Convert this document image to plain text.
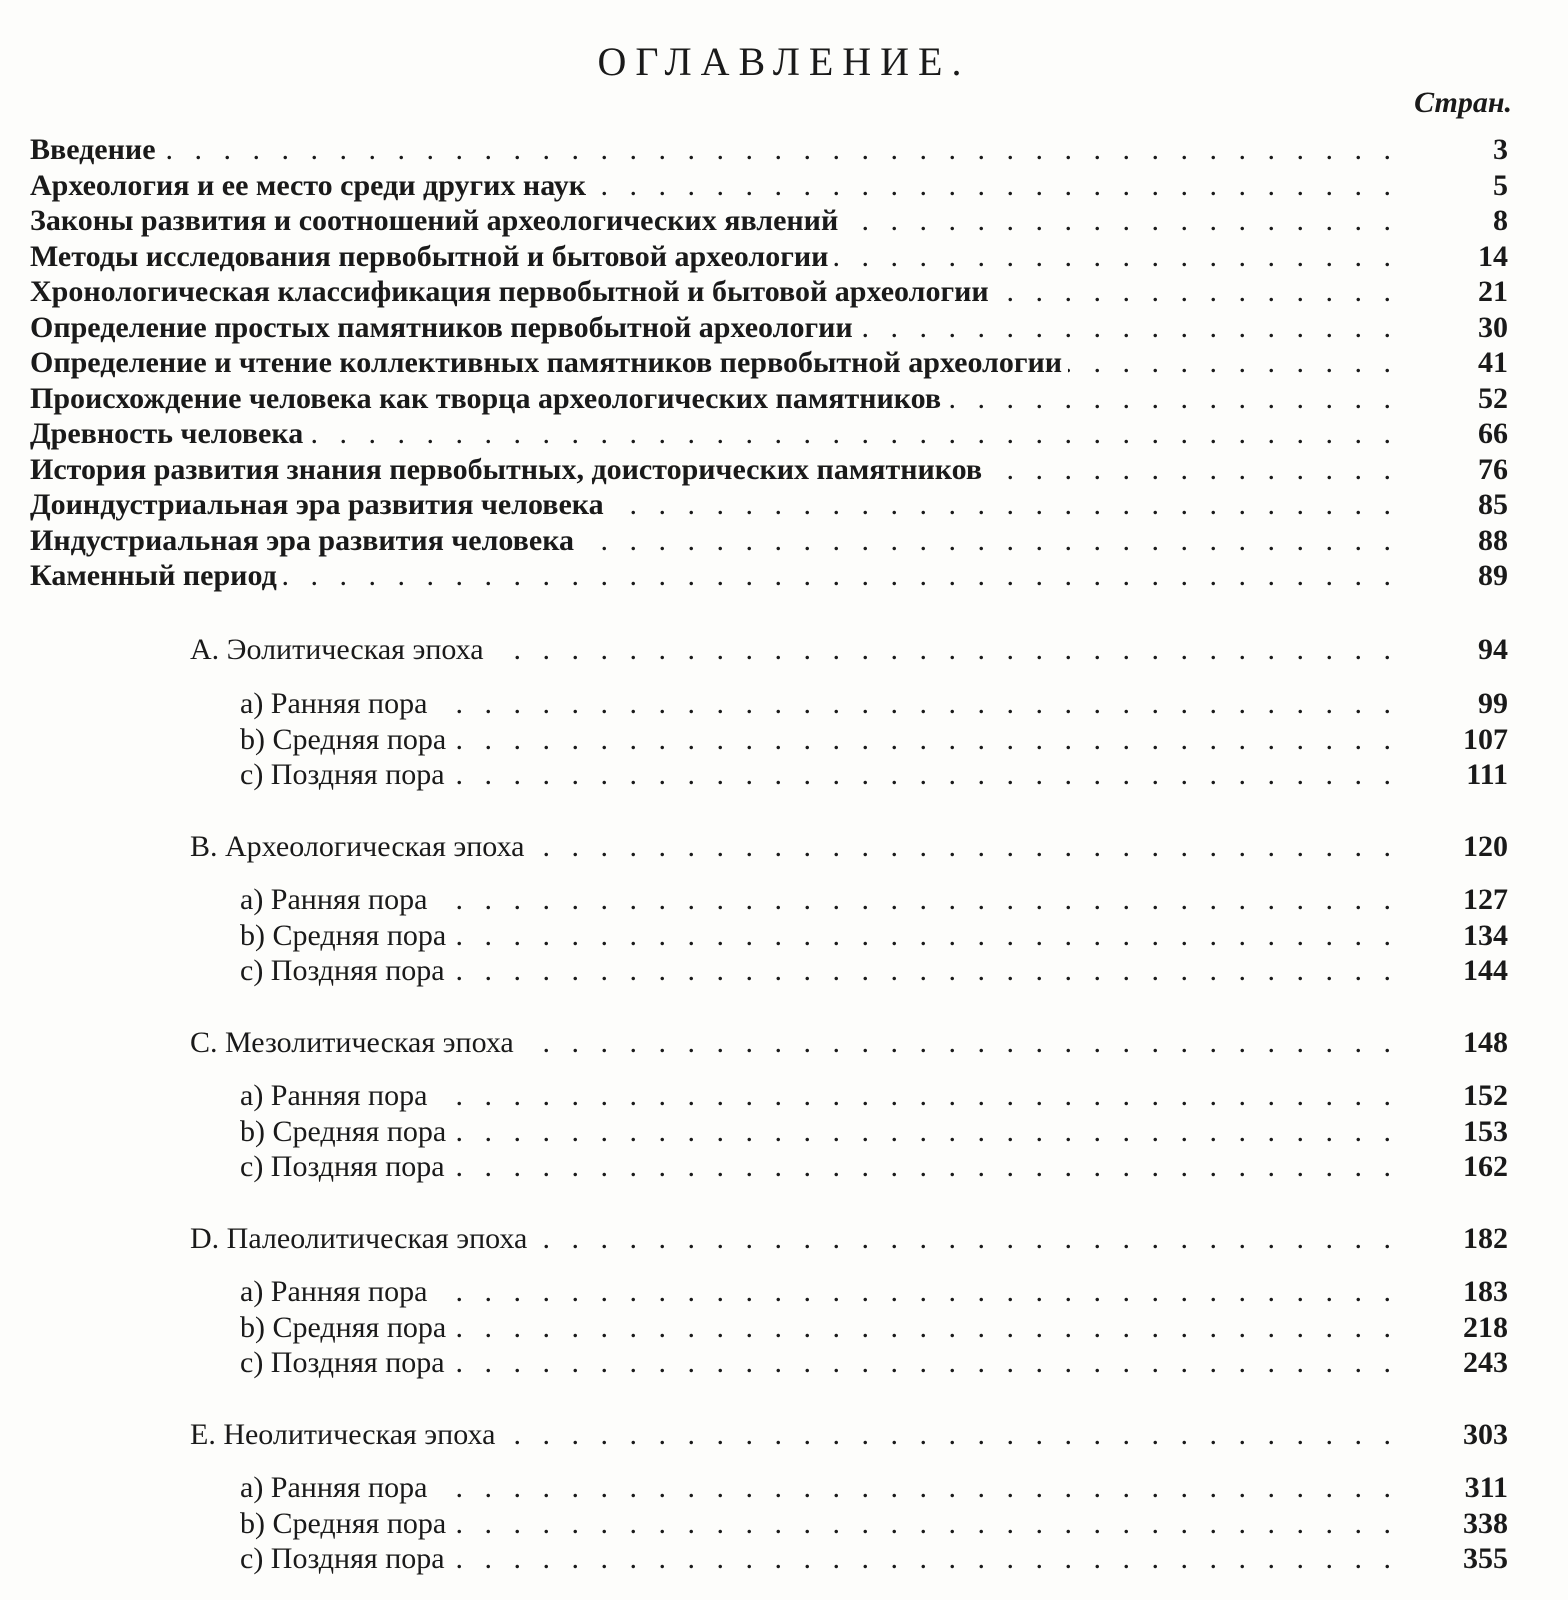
ОГЛАВЛЕНИЕ.
Стран.
Введение . . .	3
Археология и ее место среди других наук . . .	5
Законы развития и соотношений археологических явлений . . .	8
Методы исследования первобытной и бытовой археологии . . .	14
Хронологическая классификация первобытной и бытовой археологии . . .	21
Определение простых памятников первобытной археологии . . .	30
Определение и чтение коллективных памятников первобытной археологии . . .	41
Происхождение человека как творца археологических памятников . . .	52
Древность человека . . .	66
История развития знания первобытных, доисторических памятников . . .	76
Доиндустриальная эра развития человека . . .	85
Индустриальная эра развития человека . . .	88
Каменный период . . .	89
A. Эолитическая эпоха . . .	94
a) Ранняя пора . . .	99
b) Средняя пора . . .	107
c) Поздняя пора . . .	111
B. Археологическая эпоха . . .	120
a) Ранняя пора . . .	127
b) Средняя пора . . .	134
c) Поздняя пора . . .	144
C. Мезолитическая эпоха . . .	148
a) Ранняя пора . . .	152
b) Средняя пора . . .	153
c) Поздняя пора . . .	162
D. Палеолитическая эпоха . . .	182
a) Ранняя пора . . .	183
b) Средняя пора . . .	218
c) Поздняя пора . . .	243
E. Неолитическая эпоха . . .	303
a) Ранняя пора . . .	311
b) Средняя пора . . .	338
c) Поздняя пора . . .	355
